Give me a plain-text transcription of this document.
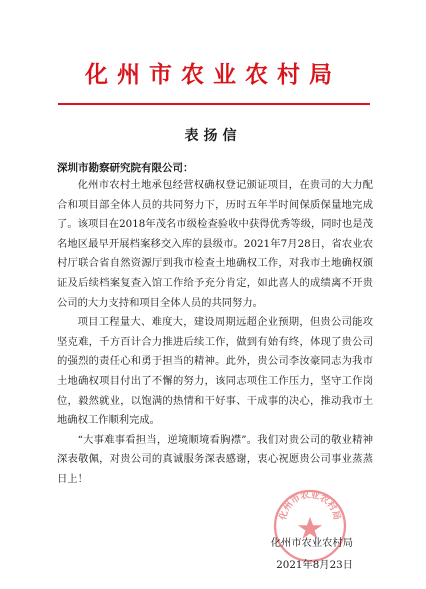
化州市农业农村局
表扬信
深圳市勘察研究院有限公司：

化州市农村土地承包经营权确权登记颁证项目，在贵司的大力配合和项目部全体人员的共同努力下，历时五年半时间保质保量地完成了。该项目在2018年茂名市级检查验收中获得优秀等级，同时也是茂名地区最早开展档案移交入库的县级市。2021年7月28日，省农业农村厅联合省自然资源厅到我市检查土地确权工作，对我市土地确权颁证及后续档案复查入馆工作给予充分肯定，如此喜人的成绩离不开贵公司的大力支持和项目全体人员的共同努力。

项目工程量大、难度大，建设周期远超企业预期，但贵公司能攻坚克难，千方百计合力推进后续工作，做到有始有终，体现了贵公司的强烈的责任心和勇于担当的精神。此外，贵公司李汝豪同志为我市土地确权项目付出了不懈的努力，该同志项住工作压力，坚守工作岗位，毅然就业，以饱满的热情和干好事、干成事的决心，推动我市土地确权工作顺利完成。

“大事难事看担当，逆境顺境看胸襟”。我们对贵公司的敬业精神深表敬佩，对贵公司的真诚服务深表感谢，衷心祝愿贵公司事业蒸蒸日上！

化州市农业农村局
化州市农业农村局
2021年8月23日
